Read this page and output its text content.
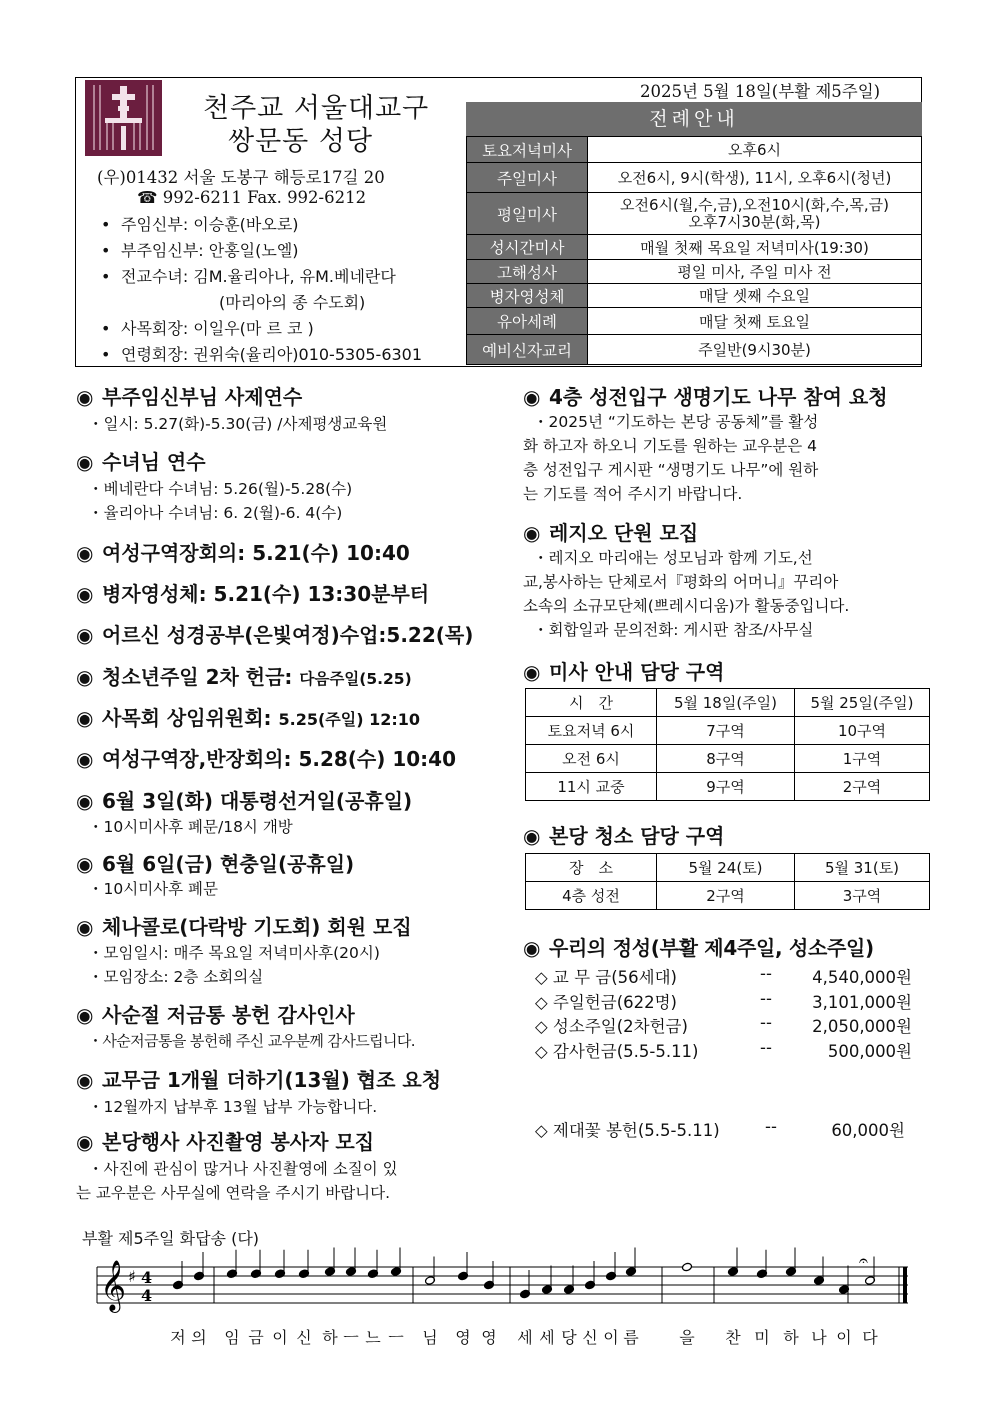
천주교 서울대교구
쌍문동 성당
(우)01432 서울 도봉구 해등로17길 20
☎ 992-6211 Fax. 992-6212
• 주임신부: 이승훈(바오로)
• 부주임신부: 안홍일(노엘)
• 전교수녀: 김M.율리아나, 유M.베네란다
(마리아의 종 수도회)
• 사목회장: 이일우(마 르 코 )
• 연령회장: 권위숙(율리아)010-5305-6301
2025년 5월 18일(부활 제5주일)
전례안내
토요저녁미사	오후6시
주일미사	오전6시, 9시(학생), 11시, 오후6시(청년)
평일미사	오전6시(월,수,금),오전10시(화,수,목,금)
오후7시30분(화,목)

성시간미사	매월 첫째 목요일 저녁미사(19:30)
고해성사	평일 미사, 주일 미사 전
병자영성체	매달 셋째 수요일
유아세례	매달 첫째 토요일
예비신자교리	주일반(9시30분)
◉ 부주임신부님 사제연수
・일시: 5.27(화)-5.30(금) /사제평생교육원
◉ 수녀님 연수
・베네란다 수녀님: 5.26(월)-5.28(수)
・율리아나 수녀님: 6. 2(월)-6. 4(수)
◉ 여성구역장회의: 5.21(수) 10:40
◉ 병자영성체: 5.21(수) 13:30분부터
◉ 어르신 성경공부(은빛여정)수업:5.22(목)
◉ 청소년주일 2차 헌금: 다음주일(5.25)
◉ 사목회 상임위원회: 5.25(주일) 12:10
◉ 여성구역장,반장회의: 5.28(수) 10:40
◉ 6월 3일(화) 대통령선거일(공휴일)
・10시미사후 폐문/18시 개방
◉ 6월 6일(금) 현충일(공휴일)
・10시미사후 폐문
◉ 체나콜로(다락방 기도회) 회원 모집
・모임일시: 매주 목요일 저녁미사후(20시)
・모임장소: 2층 소회의실
◉ 사순절 저금통 봉헌 감사인사
・사순저금통을 봉헌해 주신 교우분께 감사드립니다.
◉ 교무금 1개월 더하기(13월) 협조 요청
・12월까지 납부후 13월 납부 가능합니다.
◉ 본당행사 사진촬영 봉사자 모집
・사진에 관심이 많거나 사진촬영에 소질이 있
는 교우분은 사무실에 연락을 주시기 바랍니다.
◉ 4층 성전입구 생명기도 나무 참여 요청
・2025년 “기도하는 본당 공동체”를 활성
화 하고자 하오니 기도를 원하는 교우분은 4
층 성전입구 게시판 “생명기도 나무”에 원하
는 기도를 적어 주시기 바랍니다.
◉ 레지오 단원 모집
・레지오 마리애는 성모님과 함께 기도,선
교,봉사하는 단체로서『평화의 어머니』꾸리아
소속의 소규모단체(쁘레시디움)가 활동중입니다.
・회합일과 문의전화: 게시판 참조/사무실
◉ 미사 안내 담당 구역
시　간	5월 18일(주일)	5월 25일(주일)
토요저녁 6시	7구역	10구역
오전 6시	8구역	1구역
11시 교중	9구역	2구역
◉ 본당 청소 담당 구역
장　소	5월 24(토)	5월 31(토)
4층 성전	2구역	3구역
◉ 우리의 정성(부활 제4주일, 성소주일)
◇ 교 무 금(56세대)	--	4,540,000원
◇ 주일헌금(622명)	--	3,101,000원
◇ 성소주일(2차헌금)	--	2,050,000원
◇ 감사헌금(5.5-5.11)	--	500,000원
◇ 제대꽃 봉헌(5.5-5.11)	--	60,000원
부활 제5주일 화답송 (다)
𝄞 ♯ 4
4
𝄐
저 의 임 금 이 신 하 ㅡ 느 ㅡ 님 영 영 세 세 당 신 이 름	을 찬 미 하 나 이 다
